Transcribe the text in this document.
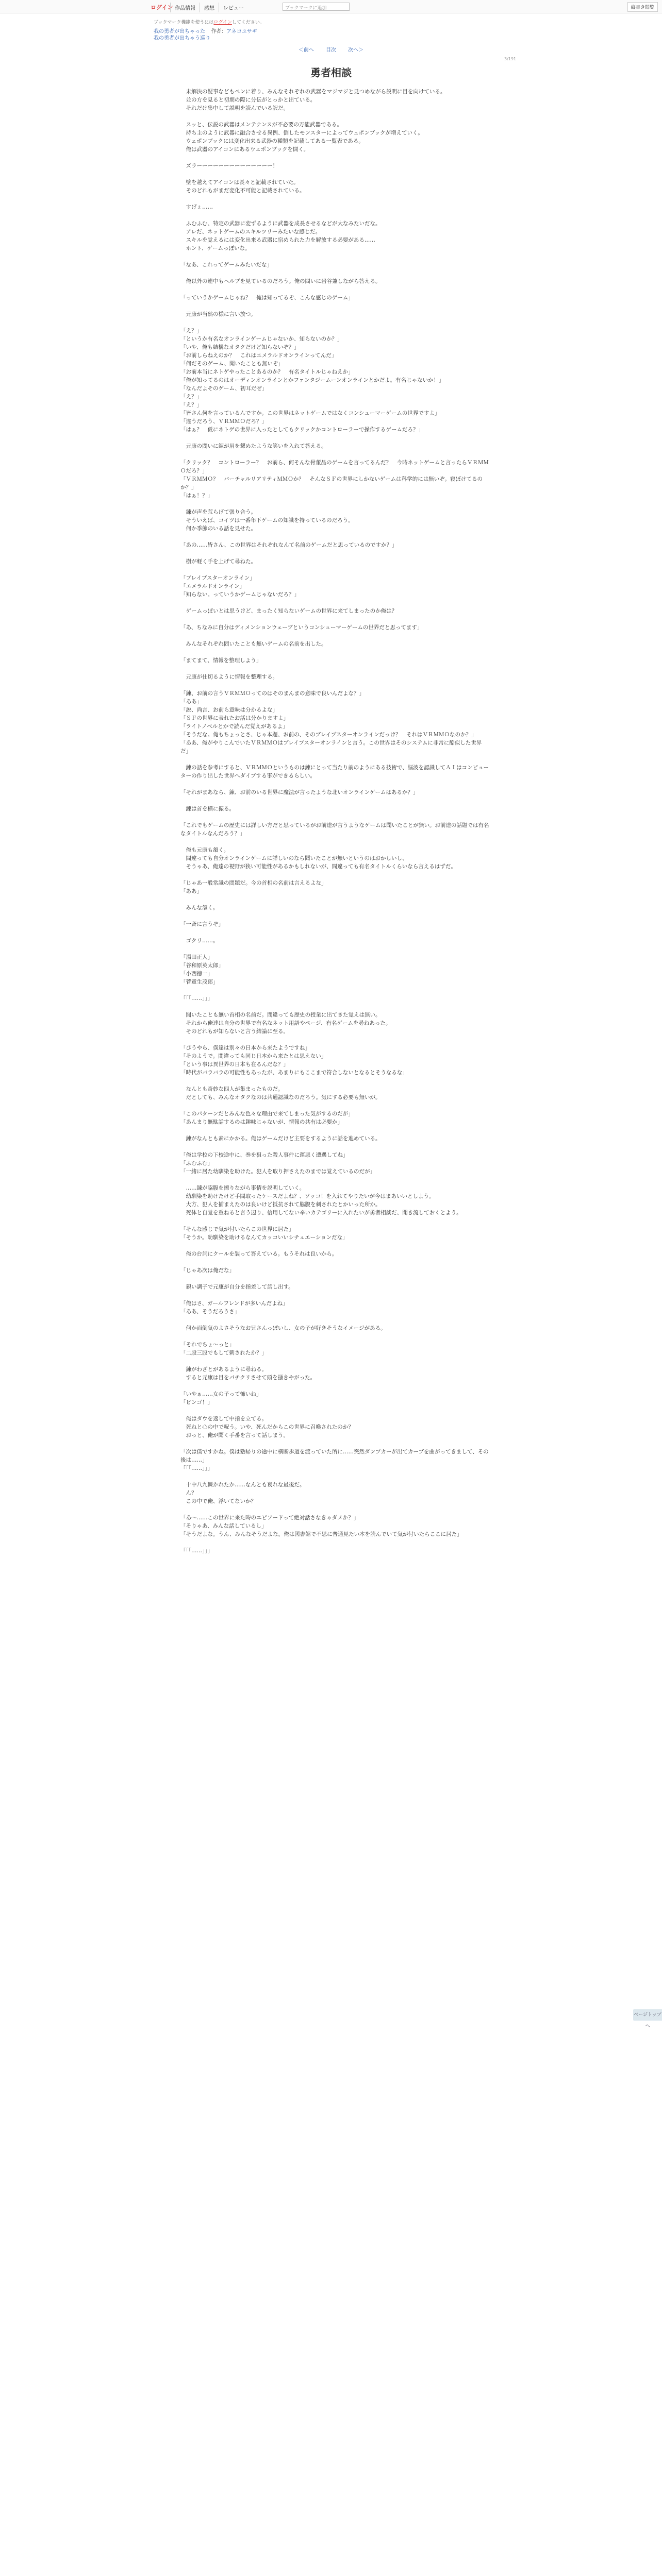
ログイン 作品情報	感想	レビュー	ブックマークに追加	縦書き閲覧
ブックマーク機能を使うにはログインしてください。
我の勇者が出ちゃった 作者：アネコユサギ
我の勇者が出ちゃう巡り
＜前へ 目次 次へ＞
3/191
勇者相談

　未解決の疑事などもペンに着り、みんなそれぞれの武器をマジマジと見つめながら説明に目を向けている。

　並の方を見ると初期の際に分伝がとっかと出ている。

　それだけ集中して説明を読んでいる訳だ。

　スッと、伝説の武器はメンテナンスが不必要の万能武器である。

　持ち主のように武器に融合させる異例、倒したモンスターによってウェポンブックが増えていく。

　ウェポンブックには変化出来る武器の種類を記載してある一覧表である。

　俺は武器のアイコンにあるウェポンブックを開く。

　ズラーーーーーーーーーーーーーー！

　壁を越えてアイコンは長々と記載されていた。

　そのどれもがまだ変化不可能と記載されている。

　すげぇ……

　ふむふむ、特定の武器に変ずるように武器を成長させるなどが大なみたいだな。

　アレだ、ネットゲームのスキルツリーみたいな感じだ。

　スキルを覚えるには変化出来る武器に宿められた力を解放する必要がある……

　ホント、ゲームっぽいな。

「なあ、これってゲームみたいだな」

　俺以外の連中もヘルプを見ているのだろう。俺の問いに岩谷兼しながら答える。

「っていうかゲームじゃね？　俺は知ってるぞ、こんな感じのゲーム」

　元康が当然の様に言い放つ。

「え？」

「というか有名なオンラインゲームじゃないか、知らないのか？」

「いや、俺も結構なオタクだけど知らないぞ？」

「お前しらねえのか？　これはエメラルドオンラインってんだ」

「何だそのゲーム、聞いたことも無いぞ」

「お前本当にネトゲやったことあるのか？　有名タイトルじゃねえか」

「俺が知ってるのはオーディンオンラインとかファンタジームーンオンラインとかだよ。有名じゃないか！」

「なんだよそのゲーム、初耳だぜ」

「え？」

「え？」

「皆さん何を言っているんですか。この世界はネットゲームではなくコンシューマーゲームの世界ですよ」

「違うだろう、ＶＲＭＭＯだろ？」

「はぁ？　仮にネトゲの世界に入ったとしてもクリックかコントローラーで操作するゲームだろ？」

　元康の問いに錬が眉を顰めたような笑いを入れて答える。

「クリック？　コントローラー？　お前ら、何そんな骨董品のゲームを言ってるんだ？　今時ネットゲームと言ったらＶＲＭＭＯだろ？」

「ＶＲＭＭＯ？　バーチャルリアリティＭＭＯか？　そんなＳＦの世界にしかないゲームは科学的には無いぞ。寝ぼけてるのか？」

「はぁ！？」

　錬が声を荒らげて張り合う。

　そういえば、コイツは一番年下ゲームの知識を持っているのだろう。

　何か季節のいる話を見せた。

「あの……皆さん、この世界はそれぞれなんて名前のゲームだと思っているのですか？」

　樹が軽く手を上げて尋ねた。

「ブレイブスターオンライン」

「エメラルドオンライン」

「知らない。っていうかゲームじゃないだろ？」

　ゲームっぽいとは思うけど、まったく知らないゲームの世界に来てしまったのか俺は？

「あ、ちなみに自分はディメンションウェーブというコンシューマーゲームの世界だと思ってます」

　みんなそれぞれ問いたことも無いゲームの名前を出した。

「まてまて、情報を整理しよう」

　元康が仕切るように情報を整理する。

「錬、お前の言うＶＲＭＭＯってのはそのまんまの意味で良いんだよな？」

「ああ」

「説、尚言、お前ら意味は分かるよな」

「ＳＦの世界に表れたお話は分かりますよ」

「ライトノベルとかで読んだ覚えがあるよ」

「そうだな。俺もちょっとさ、じゃ本題、お前の、そのブレイブスターオンラインだっけ？　それはＶＲＭＭＯなのか？」

「ああ、俺がやりこんでいたＶＲＭＭＯはブレイブスターオンラインと言う。この世界はそのシステムに非常に酷似した世界だ」

　錬の話を参考にすると、ＶＲＭＭＯというものは錬にとって当たり前のようにある技術で、脳波を認識してＡＩはコンピューターの作り出した世界へダイブする事ができるらしい。

「それがまあなら、錬、お前のいる世界に魔法が言ったような北いオンラインゲームはあるか？」

　錬は首を横に振る。

「これでもゲームの歴史には詳しい方だと思っているがお前達が言うようなゲームは聞いたことが無い。お前達の話題では有名なタイトルなんだろう？」

　俺も元康も頷く。

　間違っても自分オンラインゲームに詳しいのなら聞いたことが無いというのはおかしいし、

　そうゃあ、俺達の視野が狭い可能性があるかもしれないが、間違っても有名タイトルくらいなら言えるはずだ。

「じゃあ一般常識の問題だ。今の首相の名前は言えるよな」

「ああ」

　みんな頷く。

「一斉に言うぞ」

　ゴクリ……。

「湯田正人」

「谷和原英太郎」

「小西徳一」

「菅童生茂郎」

「「「……」」」

　聞いたことも無い首相の名前だ。間違っても歴史の授業に出てきた覚えは無い。

　それから俺達は自分の世界で有名なネット用語やページ、有名ゲームを尋ねあった。

　そのどれもが知らないと言う結論に至る。

「ぴうやら、僕達は別々の日本から来たようですね」

「そのようで。間違っても同じ日本から来たとは思えない」

「という事は異世界の日本も在るんだな？」

「時代がバラバラの可能性もあったが、あまりにもここまで符合しないとなるとそうなるな」

　なんとも奇妙な四人が集まったものだ。

　だとしても、みんなオタクなのは共通認識なのだろう。気にする必要も無いが。

「このパターンだとみんな色々な理由で来てしまった気がするのだが」

「あんまり無駄話するのは趣味じゃないが、情報の共有は必要か」

　錬がなんとも素にかかる。俺はゲームだけど主要をするように話を進めている。

「俺は学校の下校途中に、巻を狙った殺人事件に運悪く遭遇してね」

「ふむふむ」

「一緒に居た幼馴染を助けた。犯人を取り押さえたのまでは覚えているのだが」

　……錬が脇腹を擦りながら事情を説明していく。

　幼馴染を助けたけど手間取ったケースだよね？、ソッコ！を入れてやりたいが今はまあいいとしよう。

　大方、犯人を捕まえたのは良いけど抵抗されて脇腹を刺されたとかいった所か。

　死体と自覚を重ねると言う辺り、信用してない辛いカテゴリーに入れたいが勇者相談だ、聞き流しておくとよう。

「そんな感じで気が付いたらこの世界に居た」

「そうか。幼馴染を助けるなんてカッコいいシチュエーションだな」

　俺の台詞にクールを装って答えている。もうそれは良いから。

「じゃあ次は俺だな」

　親い調子で元康が自分を指差して話し出す。

「俺はさ、ガールフレンドが多いんだよね」

「ああ、そうだろうさ」

　何か面倒気のよさそうなお兄さんっぽいし、女の子が好きそうなイメージがある。

「それでちょ～っと」

「二股三股でもして刺されたか？」

　錬がわざとがあるように尋ねる。

　すると元康は目をパチクリさせて頭を掻きやがった。

「いやぁ……女の子って怖いね」

「ビンゴ！」

　俺はダウを返して中指を立てる。

　死ねと心の中で呪う。いや、死んだからこの世界に召喚されたのか？

　おっと、俺が聞く手番を言って話しまう。

「次は僕ですかね。僕は塾帰りの途中に横断歩道を渡っていた所に……突然ダンプカーが出てカーブを曲がってきまして、その後は……」

「「「……」」」

　十中八九轢かれたか……なんとも哀れな最後だ。

　ん？

　この中で俺、浮いてないか？

「あ～……この世界に来た時のエピソードって絶対話さなきゃダメか？」

「そりゃあ、みんな話しているし」

「そうだよな。うん、みんなそうだよな。俺は図書館で不思に普通見たい本を読んでいて気が付いたらここに居た」

「「「……」」」

ページトップへ
